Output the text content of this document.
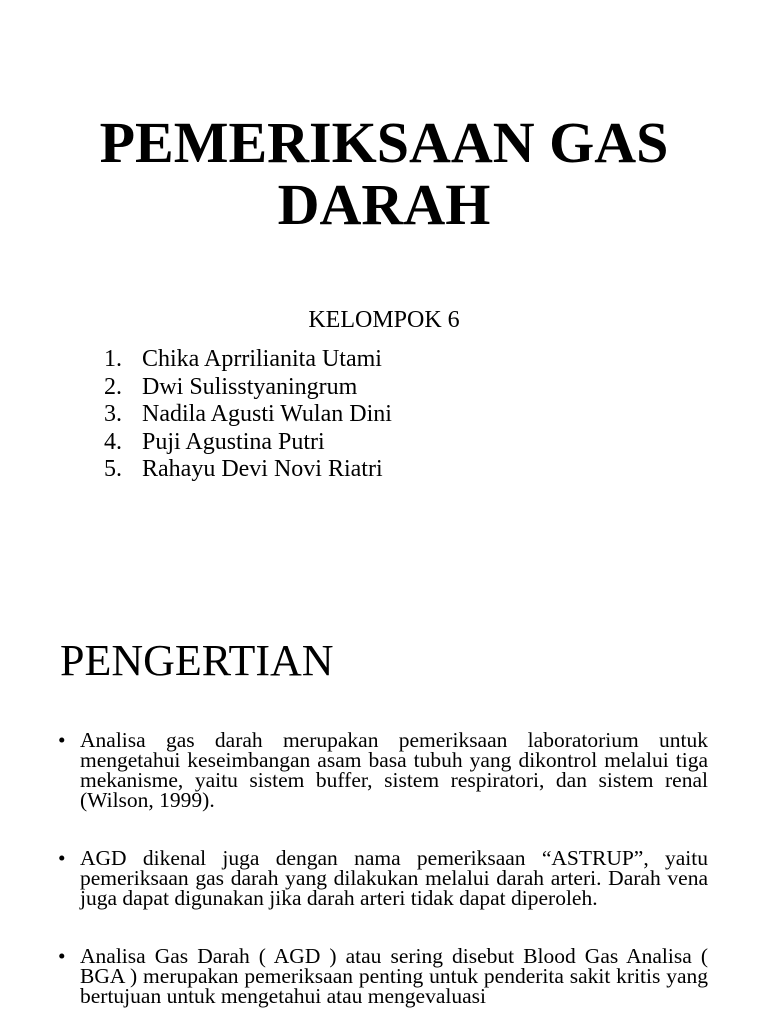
PEMERIKSAAN GAS
DARAH
KELOMPOK 6
1. Chika Aprrilianita Utami
2. Dwi Sulisstyaningrum
3. Nadila Agusti Wulan Dini
4. Puji Agustina Putri
5. Rahayu Devi Novi Riatri
PENGERTIAN
• Analisa gas darah merupakan pemeriksaan laboratorium untuk mengetahui keseimbangan asam basa tubuh yang dikontrol melalui tiga mekanisme, yaitu sistem buffer, sistem respiratori, dan sistem renal (Wilson, 1999).
• AGD dikenal juga dengan nama pemeriksaan “ASTRUP”, yaitu pemeriksaan gas darah yang dilakukan melalui darah arteri. Darah vena juga dapat digunakan jika darah arteri tidak dapat diperoleh.
• Analisa Gas Darah ( AGD ) atau sering disebut Blood Gas Analisa ( BGA ) merupakan pemeriksaan penting untuk penderita sakit kritis yang bertujuan untuk mengetahui atau mengevaluasi
